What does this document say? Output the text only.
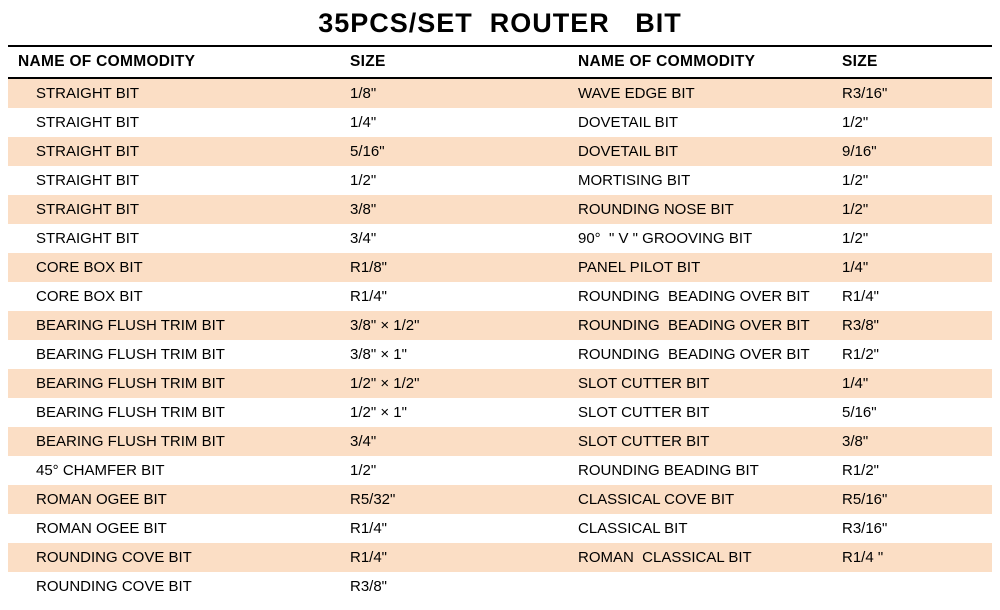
35PCS/SET  ROUTER   BIT
NAME OF COMMODITY	SIZE
STRAIGHT BIT	1/8"
STRAIGHT BIT	1/4"
STRAIGHT BIT	5/16"
STRAIGHT BIT	1/2"
STRAIGHT BIT	3/8"
STRAIGHT BIT	3/4"
CORE BOX BIT	R1/8"
CORE BOX BIT	R1/4"
BEARING FLUSH TRIM BIT	3/8" × 1/2"
BEARING FLUSH TRIM BIT	3/8" × 1"
BEARING FLUSH TRIM BIT	1/2" × 1/2"
BEARING FLUSH TRIM BIT	1/2" × 1"
BEARING FLUSH TRIM BIT	3/4"
45° CHAMFER BIT	1/2"
ROMAN OGEE BIT	R5/32"
ROMAN OGEE BIT	R1/4"
ROUNDING COVE BIT	R1/4"
ROUNDING COVE BIT	R3/8"
NAME OF COMMODITY	SIZE
WAVE EDGE BIT	R3/16"
DOVETAIL BIT	1/2"
DOVETAIL BIT	9/16"
MORTISING BIT	1/2"
ROUNDING NOSE BIT	1/2"
90°  " V " GROOVING BIT	1/2"
PANEL PILOT BIT	1/4"
ROUNDING  BEADING OVER BIT	R1/4"
ROUNDING  BEADING OVER BIT	R3/8"
ROUNDING  BEADING OVER BIT	R1/2"
SLOT CUTTER BIT	1/4"
SLOT CUTTER BIT	5/16"
SLOT CUTTER BIT	3/8"
ROUNDING BEADING BIT	R1/2"
CLASSICAL COVE BIT	R5/16"
CLASSICAL BIT	R3/16"
ROMAN  CLASSICAL BIT	R1/4 "
